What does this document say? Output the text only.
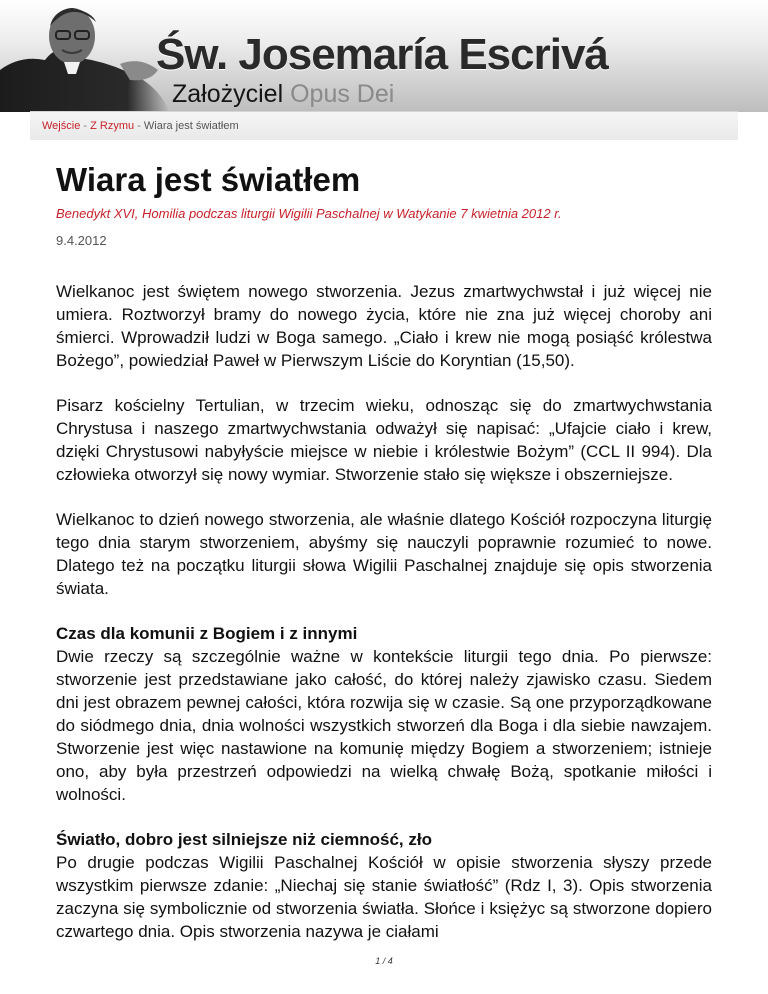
Św. Josemaría Escrivá
Założyciel Opus Dei
Wejście - Z Rzymu - Wiara jest światłem
Wiara jest światłem
Benedykt XVI, Homilia podczas liturgii Wigilii Paschalnej w Watykanie 7 kwietnia 2012 r.
9.4.2012

Wielkanoc jest świętem nowego stworzenia. Jezus zmartwychwstał i już więcej nie umiera. Roztworzył bramy do nowego życia, które nie zna już więcej choroby ani śmierci. Wprowadził ludzi w Boga samego. „Ciało i krew nie mogą posiąść królestwa Bożego”, powiedział Paweł w Pierwszym Liście do Koryntian (15,50).

Pisarz kościelny Tertulian, w trzecim wieku, odnosząc się do zmartwychwstania Chrystusa i naszego zmartwychwstania odważył się napisać: „Ufajcie ciało i krew, dzięki Chrystusowi nabyłyście miejsce w niebie i królestwie Bożym” (CCL II 994). Dla człowieka otworzył się nowy wymiar. Stworzenie stało się większe i obszerniejsze.

Wielkanoc to dzień nowego stworzenia, ale właśnie dlatego Kościół rozpoczyna liturgię tego dnia starym stworzeniem, abyśmy się nauczyli poprawnie rozumieć to nowe. Dlatego też na początku liturgii słowa Wigilii Paschalnej znajduje się opis stworzenia świata.

Czas dla komunii z Bogiem i z innymi

Dwie rzeczy są szczególnie ważne w kontekście liturgii tego dnia. Po pierwsze: stworzenie jest przedstawiane jako całość, do której należy zjawisko czasu. Siedem dni jest obrazem pewnej całości, która rozwija się w czasie. Są one przyporządkowane do siódmego dnia, dnia wolności wszystkich stworzeń dla Boga i dla siebie nawzajem. Stworzenie jest więc nastawione na komunię między Bogiem a stworzeniem; istnieje ono, aby była przestrzeń odpowiedzi na wielką chwałę Bożą, spotkanie miłości i wolności.

Światło, dobro jest silniejsze niż ciemność, zło

Po drugie podczas Wigilii Paschalnej Kościół w opisie stworzenia słyszy przede wszystkim pierwsze zdanie: „Niechaj się stanie światłość” (Rdz I, 3). Opis stworzenia zaczyna się symbolicznie od stworzenia światła. Słońce i księżyc są stworzone dopiero czwartego dnia. Opis stworzenia nazywa je ciałami

1 / 4
